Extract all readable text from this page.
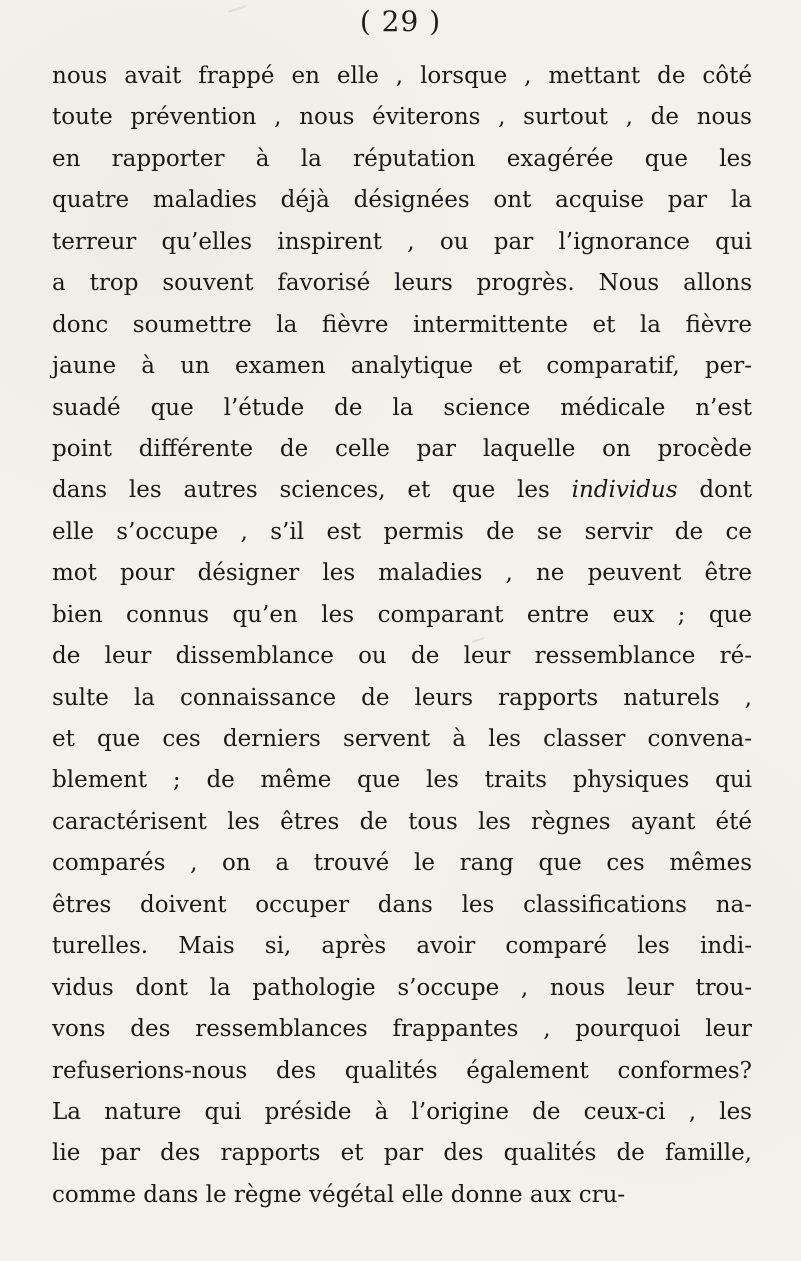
( 29 )
nous avait frappé en elle , lorsque , mettant de côté
toute prévention , nous éviterons , surtout , de nous
en rapporter à la réputation exagérée que les
quatre maladies déjà désignées ont acquise par la
terreur qu’elles inspirent , ou par l’ignorance qui
a trop souvent favorisé leurs progrès. Nous allons
donc soumettre la fièvre intermittente et la fièvre
jaune à un examen analytique et comparatif, per-
suadé que l’étude de la science médicale n’est
point différente de celle par laquelle on procède
dans les autres sciences, et que les individus dont
elle s’occupe , s’il est permis de se servir de ce
mot pour désigner les maladies , ne peuvent être
bien connus qu’en les comparant entre eux ; que
de leur dissemblance ou de leur ressemblance ré-
sulte la connaissance de leurs rapports naturels ,
et que ces derniers servent à les classer convena-
blement ; de même que les traits physiques qui
caractérisent les êtres de tous les règnes ayant été
comparés , on a trouvé le rang que ces mêmes
êtres doivent occuper dans les classifications na-
turelles. Mais si, après avoir comparé les indi-
vidus dont la pathologie s’occupe , nous leur trou-
vons des ressemblances frappantes , pourquoi leur
refuserions-nous des qualités également conformes?
La nature qui préside à l’origine de ceux-ci , les
lie par des rapports et par des qualités de famille,
comme dans le règne végétal elle donne aux cru-
